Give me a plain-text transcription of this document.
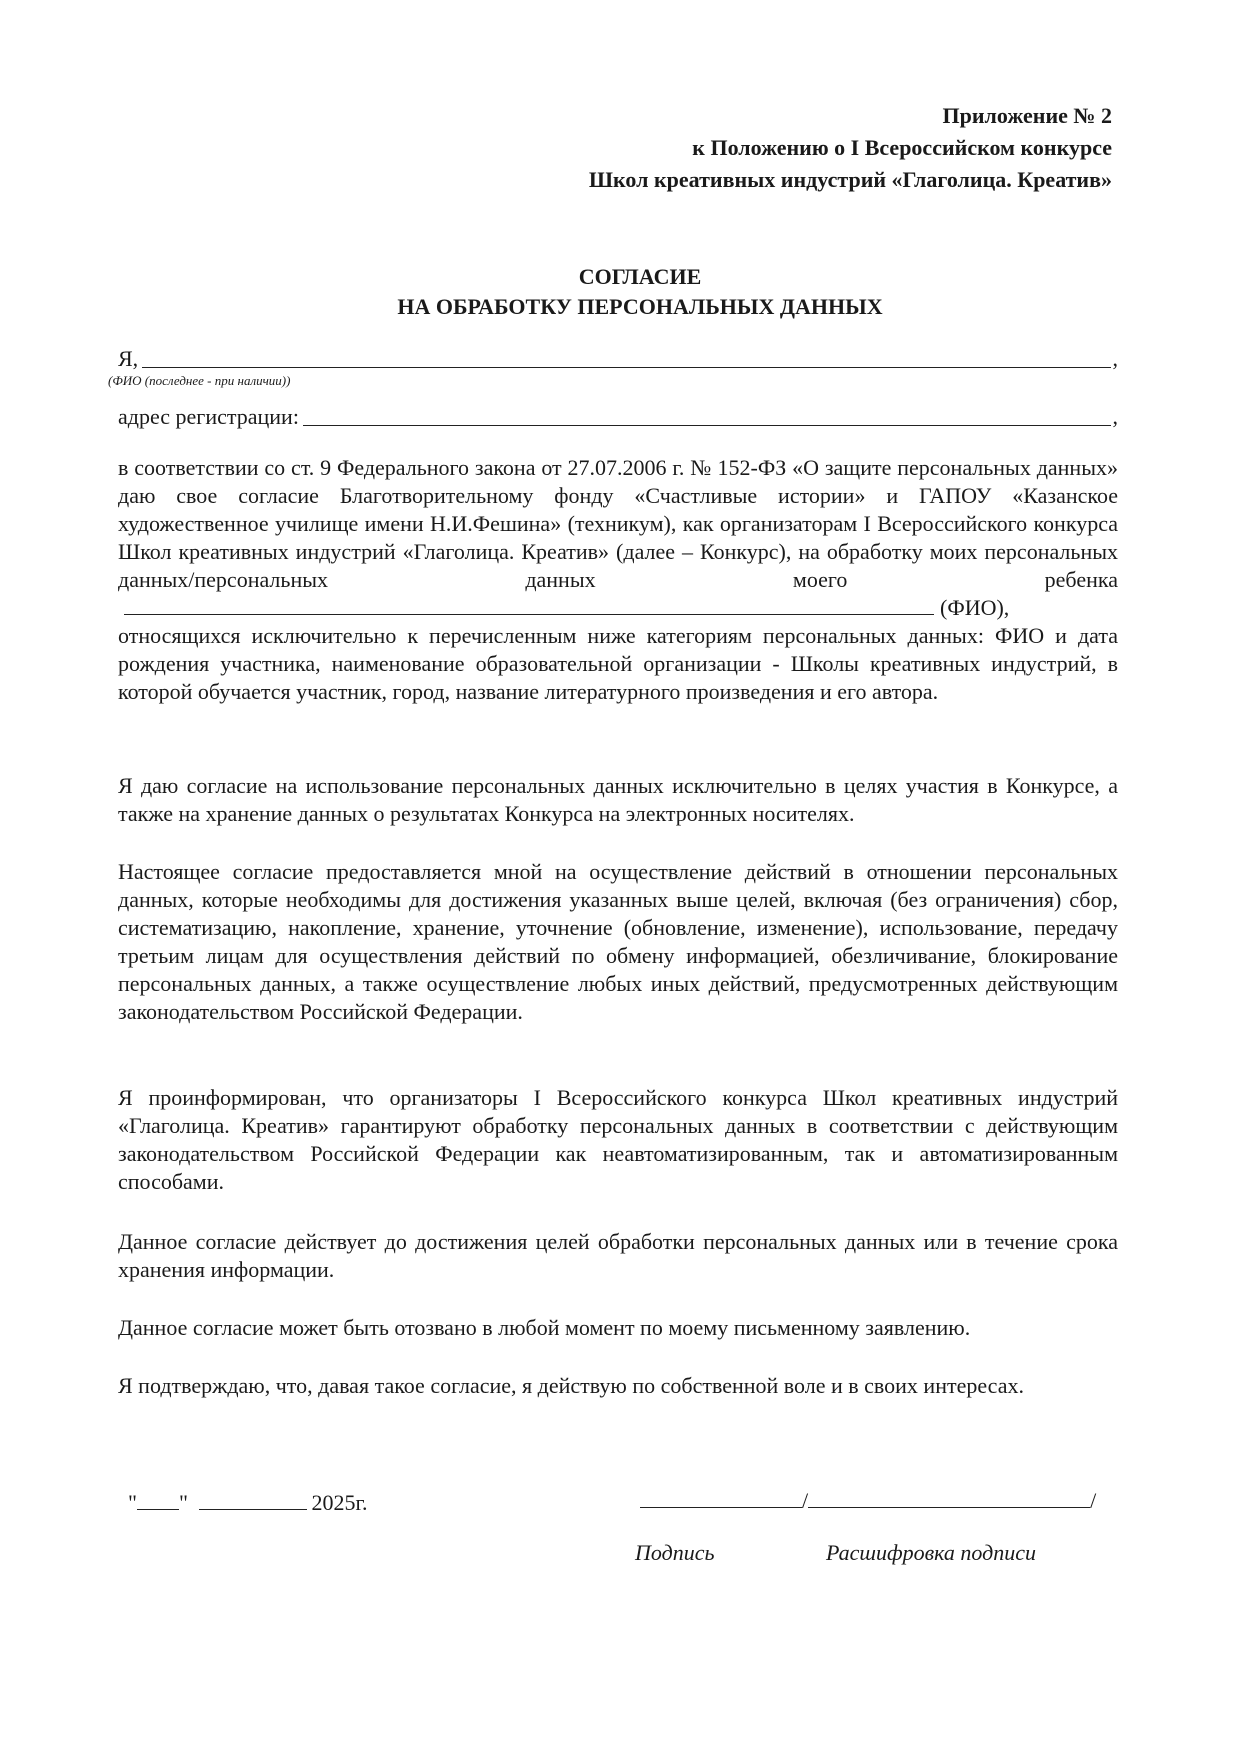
Приложение № 2
к Положению о I Всероссийском конкурсе
Школ креативных индустрий «Глаголица. Креатив»
СОГЛАСИЕ
НА ОБРАБОТКУ ПЕРСОНАЛЬНЫХ ДАННЫХ
Я,	,
(ФИО (последнее - при наличии))
адрес регистрации:	,
в соответствии со ст. 9 Федерального закона от 27.07.2006 г. № 152-ФЗ «О защите персональных данных» даю свое согласие Благотворительному фонду «Счастливые истории» и ГАПОУ «Казанское художественное училище имени Н.И.Фешина» (техникум), как организаторам I Всероссийского конкурса Школ креативных индустрий «Глаголица. Креатив» (далее – Конкурс), на обработку моих персональных данных/персональных данных моего ребенка(ФИО), относящихся исключительно к перечисленным ниже категориям персональных данных: ФИО и дата рождения участника, наименование образовательной организации - Школы креативных индустрий, в которой обучается участник, город, название литературного произведения и его автора.
Я даю согласие на использование персональных данных исключительно в целях участия в Конкурсе, а также на хранение данных о результатах Конкурса на электронных носителях.
Настоящее согласие предоставляется мной на осуществление действий в отношении персональных данных, которые необходимы для достижения указанных выше целей, включая (без ограничения) сбор, систематизацию, накопление, хранение, уточнение (обновление, изменение), использование, передачу третьим лицам для осуществления действий по обмену информацией, обезличивание, блокирование персональных данных, а также осуществление любых иных действий, предусмотренных действующим законодательством Российской Федерации.
Я проинформирован, что организаторы I Всероссийского конкурса Школ креативных индустрий «Глаголица. Креатив» гарантируют обработку персональных данных в соответствии с действующим законодательством Российской Федерации как неавтоматизированным, так и автоматизированным способами.
Данное согласие действует до достижения целей обработки персональных данных или в течение срока хранения информации.
Данное согласие может быть отозвано в любой момент по моему письменному заявлению.
Я подтверждаю, что, давая такое согласие, я действую по собственной воле и в своих интересах.
" "	2025г.	/	/
Подпись	Расшифровка подписи
